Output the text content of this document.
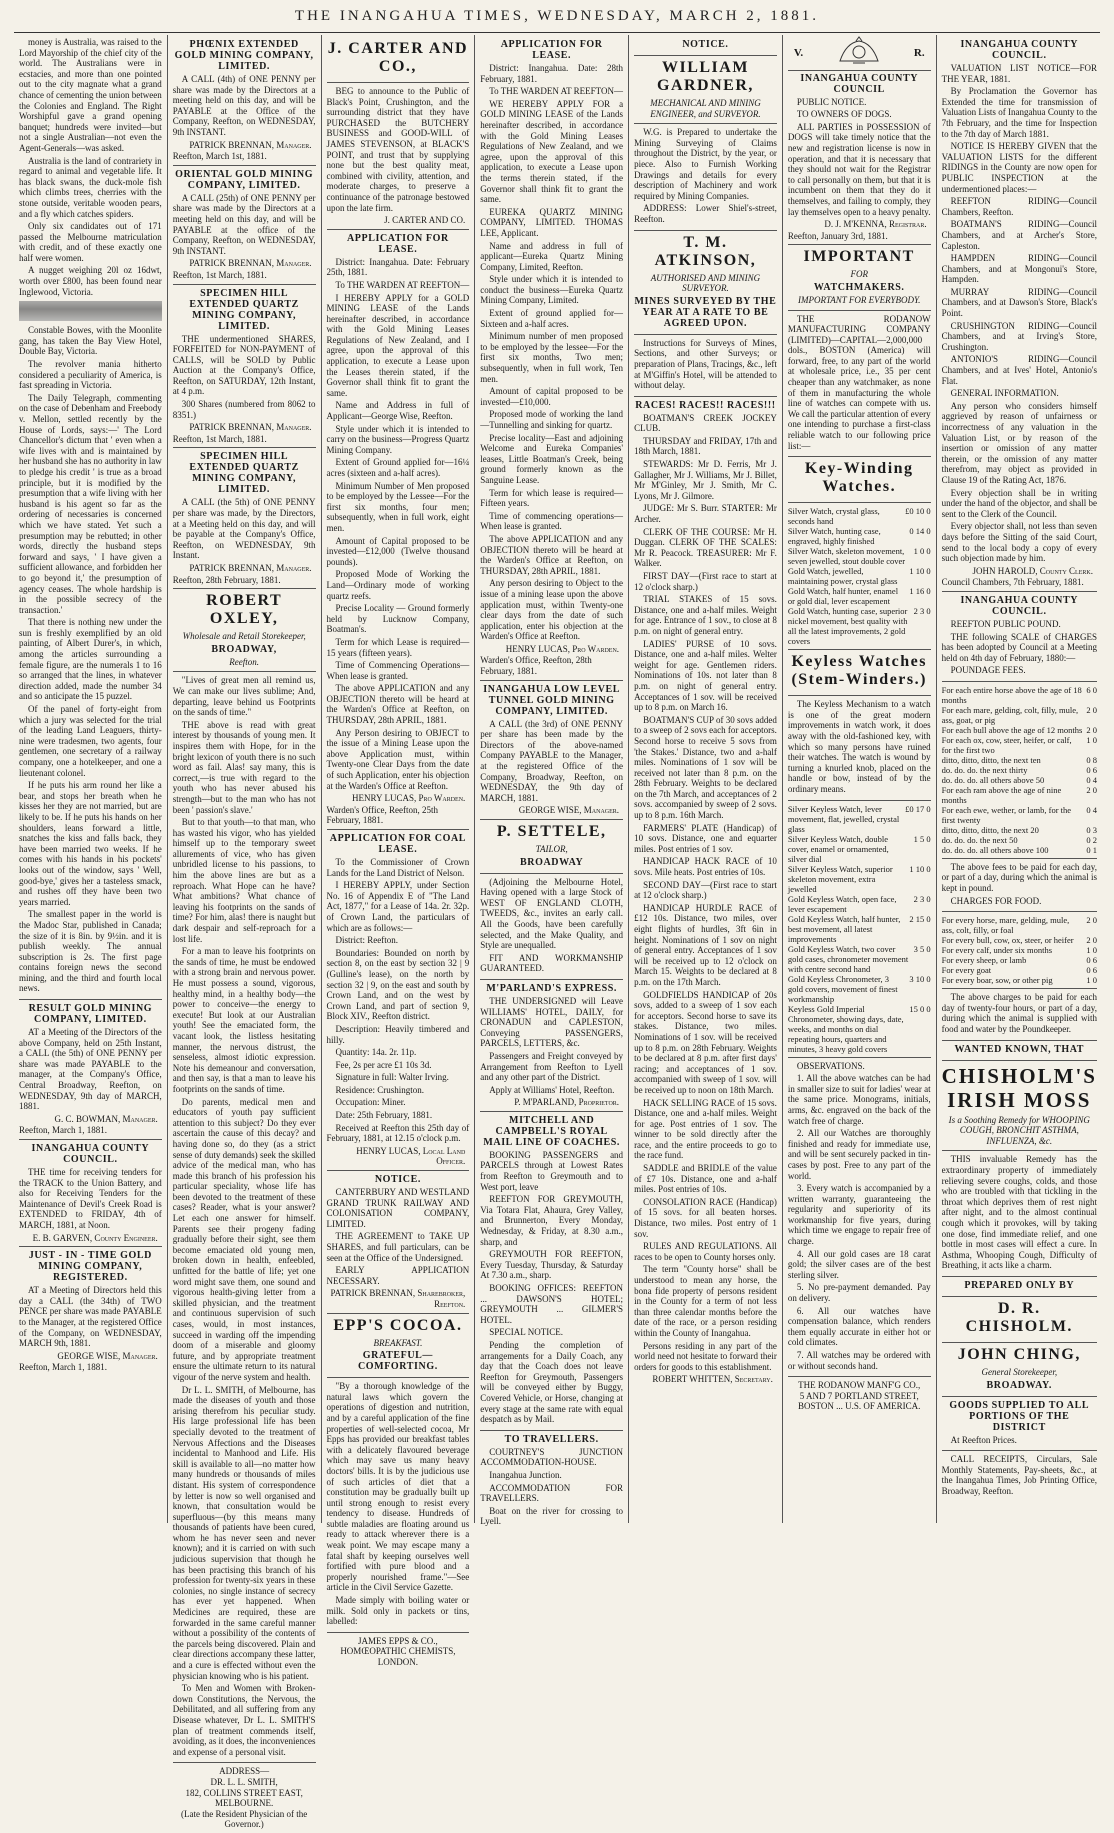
THE INANGAHUA TIMES, WEDNESDAY, MARCH 2, 1881.

money is Australia, was raised to the Lord Mayorship of the chief city of the world. The Australians were in ecstacies, and more than one pointed out to the city magnate what a grand chance of cementing the union between the Colonies and England. The Right Worshipful gave a grand opening banquet; hundreds were invited—but not a single Australian—not even the Agent-Generals—was asked.

Australia is the land of contrariety in regard to animal and vegetable life. It has black swans, the duck-mole fish which climbs trees, cherries with the stone outside, veritable wooden pears, and a fly which catches spiders.

Only six candidates out of 171 passed the Melbourne matriculation with credit, and of these exactly one half were women.

A nugget weighing 20l oz 16dwt, worth over £800, has been found near Inglewood, Victoria.

Constable Bowes, with the Moonlite gang, has taken the Bay View Hotel, Double Bay, Victoria.

The revolver mania hitherto considered a peculiarity of America, is fast spreading in Victoria.

The Daily Telegraph, commenting on the case of Debenham and Freebody v. Mellon, settled recently by the House of Lords, says:—' The Lord Chancellor's dictum that ' even when a wife lives with and is maintained by her husband she has no authority in law to pledge his credit ' is true as a broad principle, but it is modified by the presumption that a wife living with her husband is his agent so far as the ordering of necessaries is concerned which we have stated. Yet such a presumption may be rebutted; in other words, directly the husband steps forward and says, ' I have given a sufficient allowance, and forbidden her to go beyond it,' the presumption of agency ceases. The whole hardship is in the possible secrecy of the transaction.'

That there is nothing new under the sun is freshly exemplified by an old painting, of Albert Durer's, in which, among the articles surrounding a female figure, are the numerals 1 to 16 so arranged that the lines, in whatever direction added, made the number 34 and so anticipate the 15 puzzel.

Of the panel of forty-eight from which a jury was selected for the trial of the leading Land Leaguers, thirty-nine were tradesmen, two agents, four gentlemen, one secretary of a railway company, one a hotelkeeper, and one a lieutenant colonel.

If he puts his arm round her like a bear, and stops her breath when he kisses her they are not married, but are likely to be. If he puts his hands on her shoulders, leans forward a little, snatches the kiss and falls back, they have been married two weeks. If he comes with his hands in his pockets' looks out of the window, says ' Well, good-bye,' gives her a tasteless smack, and rushes off they have been two years married.

The smallest paper in the world is the Madoc Star, published in Canada; the size of it is 8in. by 9½in. and it is publish weekly. The annual subscription is 2s. The first page contains foreign news the second mining, and the third and fourth local news.

RESULT GOLD MINING COMPANY, LIMITED.

AT a Meeting of the Directors of the above Company, held on 25th Instant, a CALL (the 5th) of ONE PENNY per share was made PAYABLE to the manager, at the Company's Office, Central Broadway, Reefton, on WEDNESDAY, 9th day of MARCH, 1881.

G. C. BOWMAN, Manager.
Reefton, March 1, 1881.
INANGAHUA COUNTY COUNCIL.

THE time for receiving tenders for the TRACK to the Union Battery, and also for Receiving Tenders for the Maintenance of Devil's Creek Road is EXTENDED to FRIDAY, 4th of MARCH, 1881, at Noon.

E. B. GARVEN, County Engineer.
JUST - IN - TIME GOLD MINING COMPANY, REGISTERED.

AT a Meeting of Directors held this day a CALL (the 34th) of TWO PENCE per share was made PAYABLE to the Manager, at the registered Office of the Company, on WEDNESDAY, MARCH 9th, 1881.

GEORGE WISE, Manager.
Reefton, March 1, 1881.
PHŒNIX EXTENDED GOLD MINING COMPANY, LIMITED.

A CALL (4th) of ONE PENNY per share was made by the Directors at a meeting held on this day, and will be PAYABLE at the Office of the Company, Reefton, on WEDNESDAY, 9th INSTANT.

PATRICK BRENNAN, Manager.
Reefton, March 1st, 1881.
ORIENTAL GOLD MINING COMPANY, LIMITED.

A CALL (25th) of ONE PENNY per share was made by the Directors at a meeting held on this day, and will be PAYABLE at the office of the Company, Reefton, on WEDNESDAY, 9th INSTANT.

PATRICK BRENNAN, Manager.
Reefton, 1st March, 1881.
SPECIMEN HILL EXTENDED QUARTZ MINING COMPANY, LIMITED.

THE undermentioned SHARES, FORFEITED for NON-PAYMENT of CALLS, will be SOLD by Public Auction at the Company's Office, Reefton, on SATURDAY, 12th Instant, at 4 p.m.

300 Shares (numbered from 8062 to 8351.)

PATRICK BRENNAN, Manager.
Reefton, 1st March, 1881.
SPECIMEN HILL EXTENDED QUARTZ MINING COMPANY, LIMITED.

A CALL (the 5th) of ONE PENNY per share was made, by the Directors, at a Meeting held on this day, and will be payable at the Company's Office, Reefton, on WEDNESDAY, 9th Instant.

PATRICK BRENNAN, Manager.
Reefton, 28th February, 1881.
ROBERT OXLEY,
Wholesale and Retail Storekeeper,
BROADWAY,
Reefton.

"Lives of great men all remind us, We can make our lives sublime; And, departing, leave behind us Footprints on the sands of time."

THE above is read with great interest by thousands of young men. It inspires them with Hope, for in the bright lexicon of youth there is no such word as fail. Alas! say many, this is correct,—is true with regard to the youth who has never abused his strength—but to the man who has not been ' passion's slave.'

But to that youth—to that man, who has wasted his vigor, who has yielded himself up to the temporary sweet allurements of vice, who has given unbridled license to his passions, to him the above lines are but as a reproach. What Hope can he have? What ambitions? What chance of leaving his footprints on the sands of time? For him, alas! there is naught but dark despair and self-reproach for a lost life.

For a man to leave his footprints on the sands of time, he must be endowed with a strong brain and nervous power. He must possess a sound, vigorous, healthy mind, in a healthy body—the power to conceive—the energy to execute! But look at our Australian youth! See the emaciated form, the vacant look, the listless hesitating manner, the nervous distrust, the senseless, almost idiotic expression. Note his demeanour and conversation, and then say, is that a man to leave his footprints on the sands of time.

Do parents, medical men and educators of youth pay sufficient attention to this subject? Do they ever ascertain the cause of this decay? and having done so, do they (as a strict sense of duty demands) seek the skilled advice of the medical man, who has made this branch of his profession his particular speciality, whose life has been devoted to the treatment of these cases? Reader, what is your answer? Let each one answer for himself. Parents see their progeny fading gradually before their sight, see them become emaciated old young men, broken down in health, enfeebled, unfitted for the battle of life; yet one word might save them, one sound and vigorous health-giving letter from a skilled physician, and the treatment and continuous supervision of such cases, would, in most instances, succeed in warding off the impending doom of a miserable and gloomy future, and by appropriate treatment ensure the ultimate return to its natural vigour of the nerve system and health.

Dr L. L. SMITH, of Melbourne, has made the diseases of youth and those arising therefrom his peculiar study. His large professional life has been specially devoted to the treatment of Nervous Affections and the Diseases incidental to Manhood and Life. His skill is available to all—no matter how many hundreds or thousands of miles distant. His system of correspondence by letter is now so well organised and known, that consultation would be superfluous—(by this means many thousands of patients have been cured, whom he has never seen and never known); and it is carried on with such judicious supervision that though he has been practising this branch of his profession for twenty-six years in these colonies, no single instance of secrecy has ever yet happened. When Medicines are required, these are forwarded in the same careful manner without a possibility of the contents of the parcels being discovered. Plain and clear directions accompany these latter, and a cure is effected without even the physician knowing who is his patient.

To Men and Women with Broken-down Constitutions, the Nervous, the Debilitated, and all suffering from any Disease whatever, Dr L. L. SMITH'S plan of treatment commends itself, avoiding, as it does, the inconveniences and expense of a personal visit.

ADDRESS—
DR. L. L. SMITH,
182, COLLINS STREET EAST, MELBOURNE.
(Late the Resident Physician of the Governor.)
J. CARTER AND CO.,

BEG to announce to the Public of Black's Point, Crushington, and the surrounding district that they have PURCHASED the BUTCHERY BUSINESS and GOOD-WILL of JAMES STEVENSON, at BLACK'S POINT, and trust that by supplying none but the best quality meat, combined with civility, attention, and moderate charges, to preserve a continuance of the patronage bestowed upon the late firm.

J. CARTER AND CO.
APPLICATION FOR LEASE.

District: Inangahua. Date: February 25th, 1881.

To THE WARDEN AT REEFTON—

I HEREBY APPLY for a GOLD MINING LEASE of the Lands hereinafter described, in accordance with the Gold Mining Leases Regulations of New Zealand, and I agree, upon the approval of this application, to execute a Lease upon the Leases therein stated, if the Governor shall think fit to grant the same.

Name and Address in full of Applicant—George Wise, Reefton.

Style under which it is intended to carry on the business—Progress Quartz Mining Company.

Extent of Ground applied for—16¼ acres (sixteen and a-half acres).

Minimum Number of Men proposed to be employed by the Lessee—For the first six months, four men; subsequently, when in full work, eight men.

Amount of Capital proposed to be invested—£12,000 (Twelve thousand pounds).

Proposed Mode of Working the Land—Ordinary mode of working quartz reefs.

Precise Locality — Ground formerly held by Lucknow Company, Boatman's.

Term for which Lease is required—15 years (fifteen years).

Time of Commencing Operations—When lease is granted.

The above APPLICATION and any OBJECTION thereto will be heard at the Warden's Office at Reefton, on THURSDAY, 28th APRIL, 1881.

Any Person desiring to OBJECT to the issue of a Mining Lease upon the above Application must, within Twenty-one Clear Days from the date of such Application, enter his objection at the Warden's Office at Reefton.

HENRY LUCAS, Pro Warden.
Warden's Office, Reefton, 25th February, 1881.
APPLICATION FOR COAL LEASE.

To the Commissioner of Crown Lands for the Land District of Nelson.

I HEREBY APPLY, under Section No. 16 of Appendix E of "The Land Act, 1877," for a Lease of 14a. 2r. 32p. of Crown Land, the particulars of which are as follows:—

District: Reefton.

Boundaries: Bounded on north by section 8, on the east by section 32 | 9 (Gulline's lease), on the north by section 32 | 9, on the east and south by Crown Land, and on the west by Crown Land, and part of section 9, Block XIV., Reefton district.

Description: Heavily timbered and hilly.

Quantity: 14a. 2r. 11p.

Fee, 2s per acre £1 10s 3d.

Signature in full: Walter Irving.

Residence: Crushington.

Occupation: Miner.

Date: 25th February, 1881.

Received at Reefton this 25th day of February, 1881, at 12.15 o'clock p.m.

HENRY LUCAS, Local Land Officer.
NOTICE.

CANTERBURY AND WESTLAND GRAND TRUNK RAILWAY AND COLONISATION COMPANY, LIMITED.

THE AGREEMENT to TAKE UP SHARES, and full particulars, can be seen at the Office of the Undersigned.

EARLY APPLICATION NECESSARY.

PATRICK BRENNAN, Sharebroker, Reefton.
EPP'S COCOA.
BREAKFAST.
GRATEFUL—COMFORTING.

"By a thorough knowledge of the natural laws which govern the operations of digestion and nutrition, and by a careful application of the fine properties of well-selected cocoa, Mr Epps has provided our breakfast tables with a delicately flavoured beverage which may save us many heavy doctors' bills. It is by the judicious use of such articles of diet that a constitution may be gradually built up until strong enough to resist every tendency to disease. Hundreds of subtle maladies are floating around us ready to attack wherever there is a weak point. We may escape many a fatal shaft by keeping ourselves well fortified with pure blood and a properly nourished frame."—See article in the Civil Service Gazette.

Made simply with boiling water or milk. Sold only in packets or tins, labelled:

JAMES EPPS & CO.,
HOMŒOPATHIC CHEMISTS,
LONDON.
APPLICATION FOR LEASE.

District: Inangahua. Date: 28th February, 1881.

To THE WARDEN AT REEFTON—

WE HEREBY APPLY FOR a GOLD MINING LEASE of the Lands hereinafter described, in accordance with the Gold Mining Leases Regulations of New Zealand, and we agree, upon the approval of this application, to execute a Lease upon the terms therein stated, if the Governor shall think fit to grant the same.

EUREKA QUARTZ MINING COMPANY, LIMITED. THOMAS LEE, Applicant.

Name and address in full of applicant—Eureka Quartz Mining Company, Limited, Reefton.

Style under which it is intended to conduct the business—Eureka Quartz Mining Company, Limited.

Extent of ground applied for—Sixteen and a-half acres.

Minimum number of men proposed to be employed by the lessee—For the first six months, Two men; subsequently, when in full work, Ten men.

Amount of capital proposed to be invested—£10,000.

Proposed mode of working the land—Tunnelling and sinking for quartz.

Precise locality—East and adjoining Welcome and Eureka Companies' leases, Little Boatman's Creek, being ground formerly known as the Sanguine Lease.

Term for which lease is required—Fifteen years.

Time of commencing operations—When lease is granted.

The above APPLICATION and any OBJECTION thereto will be heard at the Warden's Office at Reefton, on THURSDAY, 28th APRIL, 1881.

Any person desiring to Object to the issue of a mining lease upon the above application must, within Twenty-one clear days from the date of such application, enter his objection at the Warden's Office at Reefton.

HENRY LUCAS, Pro Warden.
Warden's Office, Reefton, 28th February, 1881.
INANGAHUA LOW LEVEL TUNNEL GOLD MINING COMPANY, LIMITED.

A CALL (the 3rd) of ONE PENNY per share has been made by the Directors of the above-named Company PAYABLE to the Manager, at the registered Office of the Company, Broadway, Reefton, on WEDNESDAY, the 9th day of MARCH, 1881.

GEORGE WISE, Manager.
P. SETTELE,
TAILOR,
BROADWAY

(Adjoining the Melbourne Hotel, Having opened with a large Stock of WEST OF ENGLAND CLOTH, TWEEDS, &c., invites an early call. All the Goods, have been carefully selected, and the Make Quality, and Style are unequalled.

FIT AND WORKMANSHIP GUARANTEED.

M'PARLAND'S EXPRESS.

THE UNDERSIGNED will Leave WILLIAMS' HOTEL, DAILY, for CRONADUN and CAPLESTON, Conveying PASSENGERS, PARCELS, LETTERS, &c.

Passengers and Freight conveyed by Arrangement from Reefton to Lyell and any other part of the District.

Apply at Williams' Hotel, Reefton.

P. M'PARLAND, Proprietor.
MITCHELL AND CAMPBELL'S ROYAL MAIL LINE OF COACHES.

BOOKING PASSENGERS and PARCELS through at Lowest Rates from Reefton to Greymouth and to West port, leave

REEFTON FOR GREYMOUTH, Via Totara Flat, Ahaura, Grey Valley, and Brunnerton, Every Monday, Wednesday, & Friday, at 8.30 a.m., sharp, and

GREYMOUTH FOR REEFTON, Every Tuesday, Thursday, & Saturday At 7.30 a.m., sharp.

BOOKING OFFICES: REEFTON ... DAWSON'S HOTEL; GREYMOUTH ... GILMER'S HOTEL.

SPECIAL NOTICE.

Pending the completion of arrangements for a Daily Coach, any day that the Coach does not leave Reefton for Greymouth, Passengers will be conveyed either by Buggy, Covered Vehicle, or Horse, changing at every stage at the same rate with equal despatch as by Mail.

TO TRAVELLERS.

COURTNEY'S JUNCTION ACCOMMODATION-HOUSE.

Inangahua Junction.

ACCOMMODATION FOR TRAVELLERS.

Boat on the river for crossing to Lyell.

NOTICE.
WILLIAM GARDNER,
MECHANICAL AND MINING ENGINEER, and SURVEYOR.

W.G. is Prepared to undertake the Mining Surveying of Claims throughout the District, by the year, or piece. Also to Furnish Working Drawings and details for every description of Machinery and work required by Mining Companies.

ADDRESS: Lower Shiel's-street, Reefton.

T. M. ATKINSON,
AUTHORISED AND MINING SURVEYOR.
MINES SURVEYED BY THE YEAR AT A RATE TO BE AGREED UPON.

Instructions for Surveys of Mines, Sections, and other Surveys; or preparation of Plans, Tracings, &c., left at M'Giffin's Hotel, will be attended to without delay.

RACES! RACES!! RACES!!!

BOATMAN'S CREEK JOCKEY CLUB.

THURSDAY and FRIDAY, 17th and 18th March, 1881.

STEWARDS: Mr D. Ferris, Mr J. Gallagher, Mr J. Williams, Mr J. Billet, Mr M'Ginley, Mr J. Smith, Mr C. Lyons, Mr J. Gilmore.

JUDGE: Mr S. Burr. STARTER: Mr Archer.

CLERK OF THE COURSE: Mr H. Duggan. CLERK OF THE SCALES: Mr R. Peacock. TREASURER: Mr F. Walker.

FIRST DAY—(First race to start at 12 o'clock sharp.)

TRIAL STAKES of 15 sovs. Distance, one and a-half miles. Weight for age. Entrance of 1 sov., to close at 8 p.m. on night of general entry.

LADIES' PURSE of 10 sovs. Distance, one and a-half miles. Welter weight for age. Gentlemen riders. Nominations of 10s. not later than 8 p.m. on night of general entry. Acceptances of 1 sov. will be received up to 8 p.m. on March 16.

BOATMAN'S CUP of 30 sovs added to a sweep of 2 sovs each for acceptors. Second horse to receive 5 sovs from 'the Stakes.' Distance, two and a-half miles. Nominations of 1 sov will be received not later than 8 p.m. on the 28th February. Weights to be declared on the 7th March, and acceptances of 2 sovs. accompanied by sweep of 2 sovs. up to 8 p.m. 16th March.

FARMERS' PLATE (Handicap) of 10 sovs. Distance, one and equarter miles. Post entries of 1 sov.

HANDICAP HACK RACE of 10 sovs. Mile heats. Post entries of 10s.

SECOND DAY—(First race to start at 12 o'clock sharp.)

HANDICAP HURDLE RACE of £12 10s. Distance, two miles, over eight flights of hurdles, 3ft 6in in height. Nominations of 1 sov on night of general entry. Acceptances of 1 sov will be received up to 12 o'clock on March 15. Weights to be declared at 8 p.m. on the 17th March.

GOLDFIELDS HANDICAP of 20s sovs, added to a sweep of 1 sov each for acceptors. Second horse to save its stakes. Distance, two miles. Nominations of 1 sov. will be received up to 8 p.m. on 28th February. Weights to be declared at 8 p.m. after first days' racing; and acceptances of 1 sov. accompanied with sweep of 1 sov. will be received up to noon on 18th March.

HACK SELLING RACE of 15 sovs. Distance, one and a-half miles. Weight for age. Post entries of 1 sov. The winner to be sold directly after the race, and the entire proceeds to go to the race fund.

SADDLE and BRIDLE of the value of £7 10s. Distance, one and a-half miles. Post entries of 10s.

CONSOLATION RACE (Handicap) of 15 sovs. for all beaten horses. Distance, two miles. Post entry of 1 sov.

RULES AND REGULATIONS. All races to be open to County horses only.

The term "County horse" shall be understood to mean any horse, the bona fide property of persons resident in the County for a term of not less than three calendar months before the date of the race, or a person residing within the County of Inangahua.

Persons residing in any part of the world need not hesitate to forward their orders for goods to this establishment.

ROBERT WHITTEN, Secretary.
V.	R.
INANGAHUA COUNTY COUNCIL

PUBLIC NOTICE.

TO OWNERS OF DOGS.

ALL PARTIES in POSSESSION of DOGS will take timely notice that the new and registration license is now in operation, and that it is necessary that they should not wait for the Registrar to call personally on them, but that it is incumbent on them that they do it themselves, and failing to comply, they lay themselves open to a heavy penalty.

D. J. M'KENNA, Registrar.
Reefton, January 3rd, 1881.
IMPORTANT
FOR
WATCHMAKERS.
IMPORTANT FOR EVERYBODY.

THE RODANOW MANUFACTURING COMPANY (LIMITED)—CAPITAL—2,000,000 dols., BOSTON (America) will forward, free, to any part of the world at wholesale price, i.e., 35 per cent cheaper than any watchmaker, as none of them in manufacturing the whole line of watches can compete with us. We call the particular attention of every one intending to purchase a first-class reliable watch to our following price list:—

Key-Winding Watches.
Silver Watch, crystal glass, seconds hand
£0 10 0
Silver Watch, hunting case, engraved, highly finished
0 14 0
Silver Watch, skeleton movement, seven jewelled, stout double cover
1 0 0
Gold Watch, jewelled, maintaining power, crystal glass
1 10 0
Gold Watch, half hunter, enamel or gold dial, lever escapement
1 16 0
Gold Watch, hunting case, superior nickel movement, best quality with all the latest improvements, 2 gold covers
2 3 0
Keyless Watches (Stem-Winders.)

The Keyless Mechanism to a watch is one of the great modern improvements in watch work, it does away with the old-fashioned key, with which so many persons have ruined their watches. The watch is wound by turning a knurled knob, placed on the handle or bow, instead of by the ordinary means.

Silver Keyless Watch, lever movement, flat, jewelled, crystal glass
£0 17 0
Silver Keyless Watch, double cover, enamel or ornamented, silver dial
1 5 0
Silver Keyless Watch, superior skeleton movement, extra jewelled
1 10 0
Gold Keyless Watch, open face, lever escapement
2 3 0
Gold Keyless Watch, half hunter, best movement, all latest improvements
2 15 0
Gold Keyless Watch, two cover gold cases, chronometer movement with centre second hand
3 5 0
Gold Keyless Chronometer, 3 gold covers, movement of finest workmanship
3 10 0
Keyless Gold Imperial Chronometer, showing days, date, weeks, and months on dial repeating hours, quarters and minutes, 3 heavy gold covers
15 0 0

OBSERVATIONS.

1. All the above watches can be had in smaller size to suit for ladies' wear at the same price. Monograms, initials, arms, &c. engraved on the back of the watch free of charge.

2. All our Watches are thoroughly finished and ready for immediate use, and will be sent securely packed in tin-cases by post. Free to any part of the world.

3. Every watch is accompanied by a written warranty, guaranteeing the regularity and superiority of its workmanship for five years, during which time we engage to repair free of charge.

4. All our gold cases are 18 carat gold; the silver cases are of the best sterling silver.

5. No pre-payment demanded. Pay on delivery.

6. All our watches have compensation balance, which renders them equally accurate in either hot or cold climates.

7. All watches may be ordered with or without seconds hand.

THE RODANOW MANF'G CO.,
5 AND 7 PORTLAND STREET,
BOSTON ... U.S. OF AMERICA.
INANGAHUA COUNTY COUNCIL.

VALUATION LIST NOTICE—FOR THE YEAR, 1881.

By Proclamation the Governor has Extended the time for transmission of Valuation Lists of Inangahua County to the 7th February, and the time for Inspection to the 7th day of March 1881.

NOTICE IS HEREBY GIVEN that the VALUATION LISTS for the different RIDINGS in the County are now open for PUBLIC INSPECTION at the undermentioned places:—

REEFTON RIDING—Council Chambers, Reefton.

BOATMAN'S RIDING—Council Chambers, and at Archer's Store, Capleston.

HAMPDEN RIDING—Council Chambers, and at Mongonui's Store, Hampden.

MURRAY RIDING—Council Chambers, and at Dawson's Store, Black's Point.

CRUSHINGTON RIDING—Council Chambers, and at Irving's Store, Crushington.

ANTONIO'S RIDING—Council Chambers, and at Ives' Hotel, Antonio's Flat.

GENERAL INFORMATION.

Any person who considers himself aggrieved by reason of unfairness or incorrectness of any valuation in the Valuation List, or by reason of the insertion or omission of any matter therein, or the omission of any matter therefrom, may object as provided in Clause 19 of the Rating Act, 1876.

Every objection shall be in writing under the hand of the objector, and shall be sent to the Clerk of the Council.

Every objector shall, not less than seven days before the Sitting of the said Court, send to the local body a copy of every such objection made by him.

JOHN HAROLD, County Clerk.
Council Chambers, 7th February, 1881.
INANGAHUA COUNTY COUNCIL.

REEFTON PUBLIC POUND.

THE following SCALE of CHARGES has been adopted by Council at a Meeting held on 4th day of February, 1880:—

POUNDAGE FEES.

For each entire horse above the age of 18 months
6 0
For each mare, gelding, colt, filly, mule, ass, goat, or pig
2 0
For each bull above the age of 12 months 2 0
For each ox, cow, steer, heifer, or calf, for the first two
1 0
ditto, ditto, ditto, the next ten	0 8
do. do. do. the next thirty	0 6
do. do. do. all others above 50	0 4
For each ram above the age of nine months
2 0
For each ewe, wether, or lamb, for the first twenty
0 4
ditto, ditto, ditto, the next 20	0 3
do. do. do. the next 50	0 2
do. do. do. all others above 100	0 1

The above fees to be paid for each day, or part of a day, during which the animal is kept in pound.

CHARGES FOR FOOD.

For every horse, mare, gelding, mule, ass, colt, filly, or foal
2 0
For every bull, cow, ox, steer, or heifer 2 0
For every calf, under six months	1 0
For every sheep, or lamb	0 6
For every goat	0 6
For every boar, sow, or other pig	1 0

The above charges to be paid for each day of twenty-four hours, or part of a day, during which the animal is supplied with food and water by the Poundkeeper.

WANTED KNOWN, THAT
CHISHOLM'S IRISH MOSS
Is a Soothing Remedy for WHOOPING COUGH, BRONCHIT ASTHMA, INFLUENZA, &c.

THIS invaluable Remedy has the extraordinary property of immediately relieving severe coughs, colds, and those who are troubled with that tickling in the throat which deprives them of rest night after night, and to the almost continual cough which it provokes, will by taking one dose, find immediate relief, and one bottle in most cases will effect a cure. In Asthma, Whooping Cough, Difficulty of Breathing, it acts like a charm.

PREPARED ONLY BY
D. R. CHISHOLM.
JOHN CHING,
General Storekeeper,
BROADWAY.
GOODS SUPPLIED TO ALL PORTIONS OF THE DISTRICT

At Reefton Prices.

CALL RECEIPTS, Circulars, Sale Monthly Statements, Pay-sheets, &c., at the Inangahua Times, Job Printing Office, Broadway, Reefton.
